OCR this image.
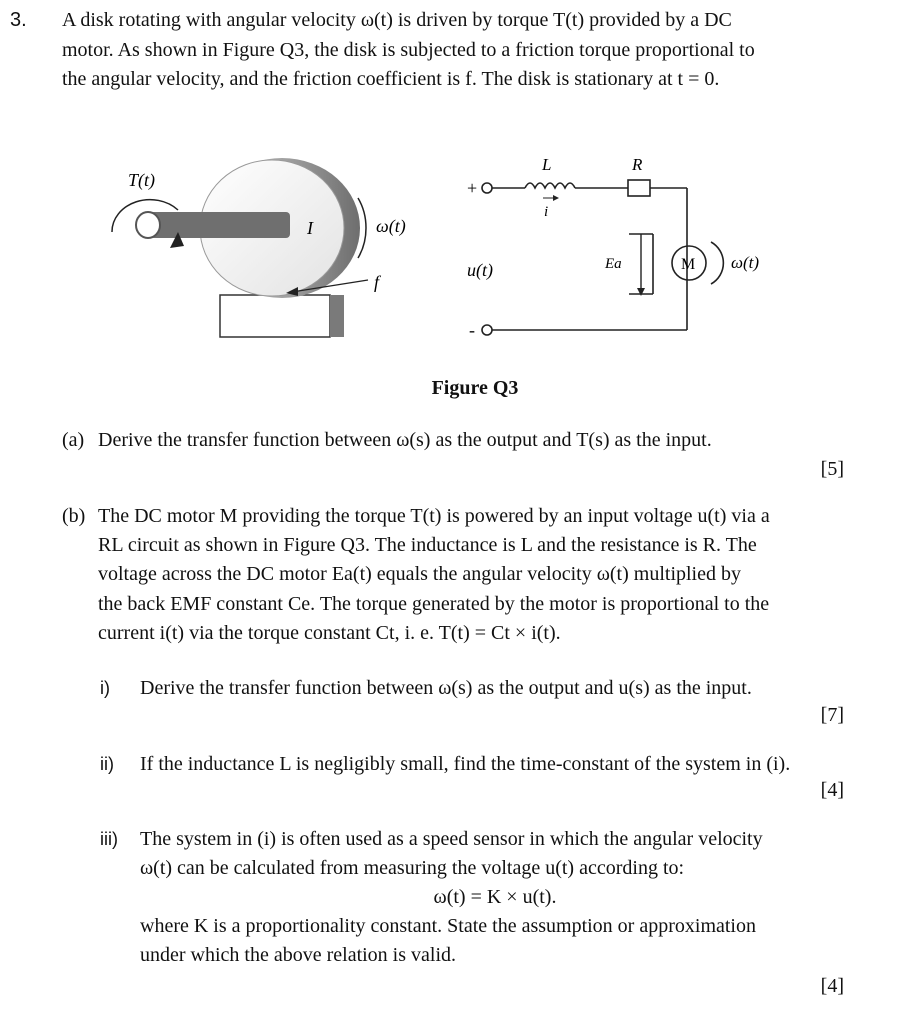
3. A disk rotating with angular velocity ω(t) is driven by torque T(t) provided by a DC
motor. As shown in Figure Q3, the disk is subjected to a friction torque proportional to
the angular velocity, and the friction coefficient is f. The disk is stationary at t = 0.
T(t)
I	ω(t)
f
L	R
i
+
-
u(t)	Ea	M ω(t)
Figure Q3
(a) Derive the transfer function between ω(s) as the output and T(s) as the input.
[5]
(b) The DC motor M providing the torque T(t) is powered by an input voltage u(t) via a
RL circuit as shown in Figure Q3. The inductance is L and the resistance is R. The
voltage across the DC motor Ea(t) equals the angular velocity ω(t) multiplied by
the back EMF constant Ce. The torque generated by the motor is proportional to the
current i(t) via the torque constant Ct, i. e. T(t) = Ct × i(t).
i) Derive the transfer function between ω(s) as the output and u(s) as the input.
[7]
ii) If the inductance L is negligibly small, find the time-constant of the system in (i).
[4]
iii) The system in (i) is often used as a speed sensor in which the angular velocity
ω(t) can be calculated from measuring the voltage u(t) according to:
ω(t) = K × u(t).
where K is a proportionality constant. State the assumption or approximation
under which the above relation is valid.
[4]
